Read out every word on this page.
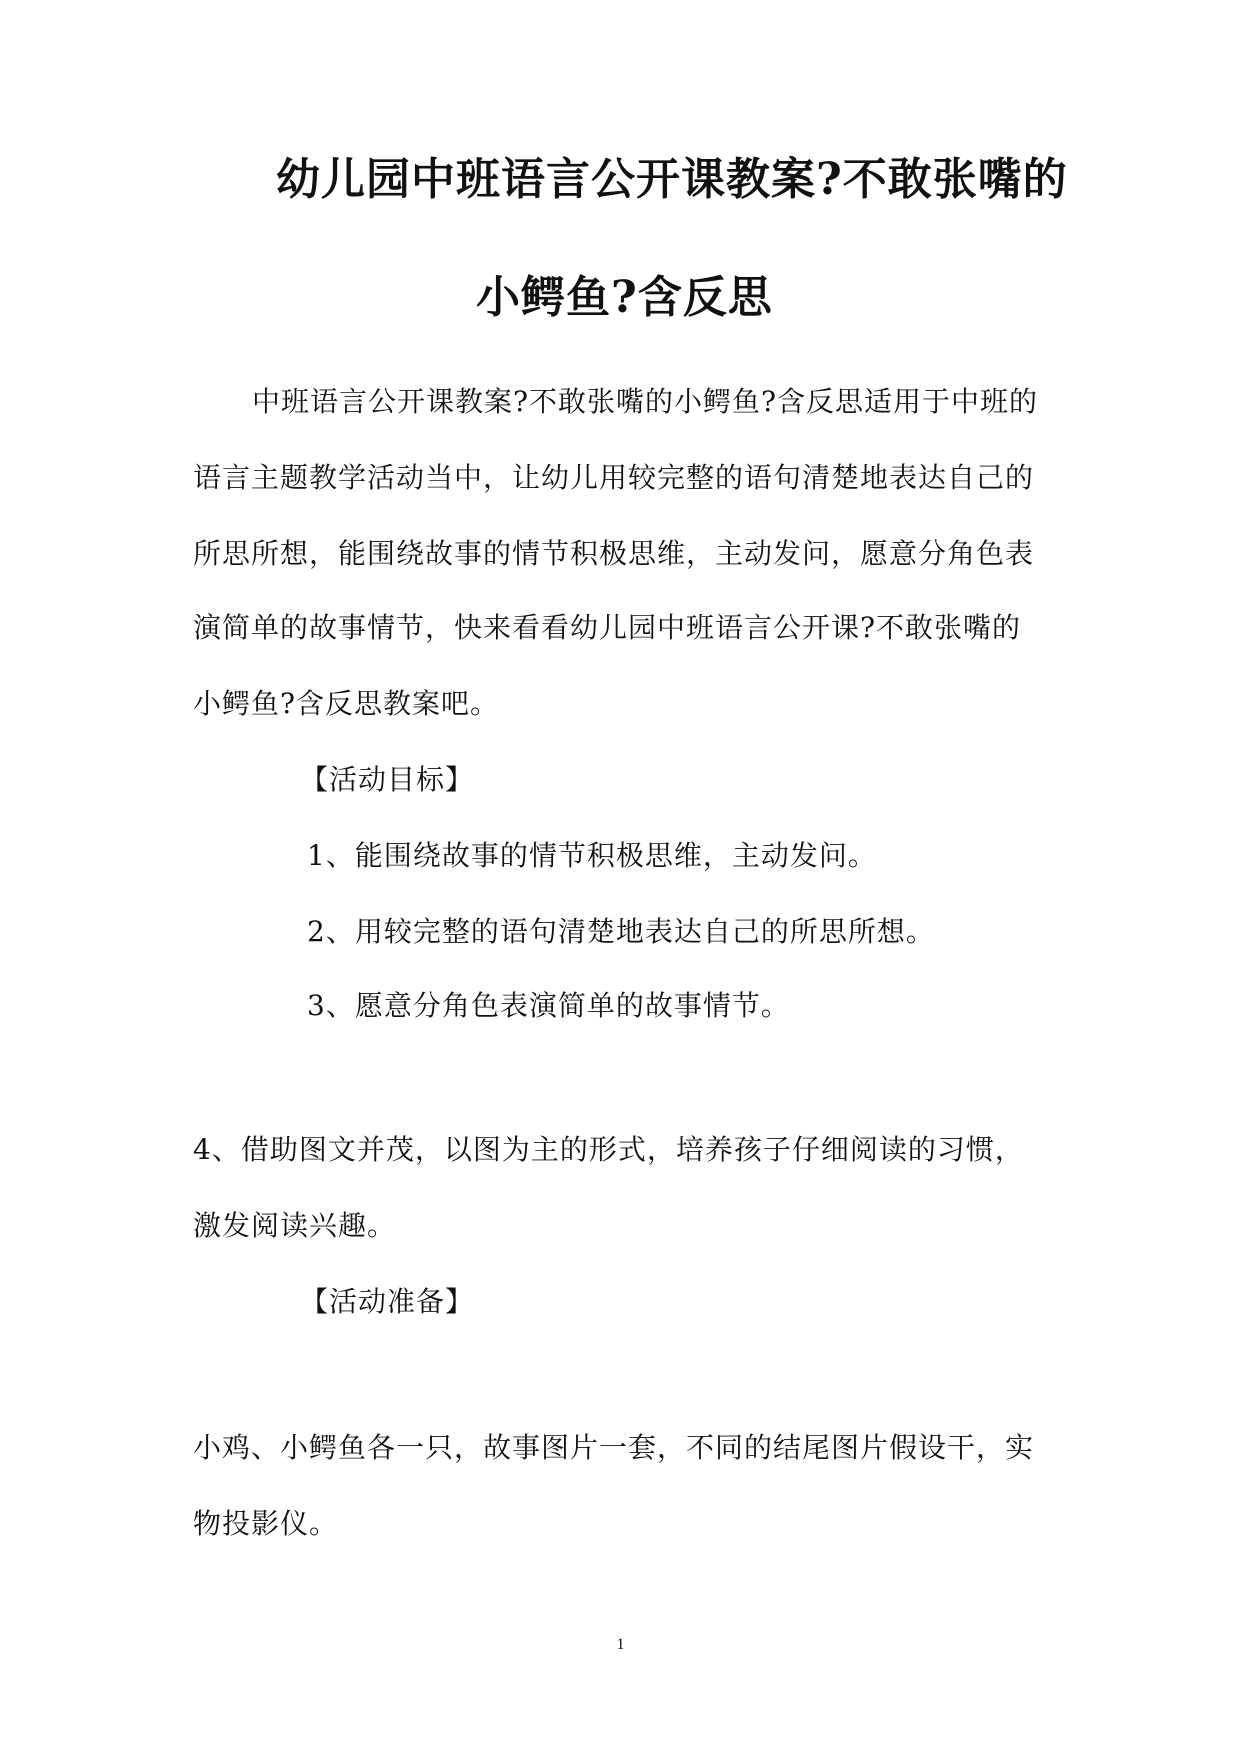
幼儿园中班语言公开课教案?不敢张嘴的
小鳄鱼?含反思
中班语言公开课教案?不敢张嘴的小鳄鱼?含反思适用于中班的
语言主题教学活动当中，让幼儿用较完整的语句清楚地表达自己的
所思所想，能围绕故事的情节积极思维，主动发问，愿意分角色表
演简单的故事情节，快来看看幼儿园中班语言公开课?不敢张嘴的
小鳄鱼?含反思教案吧。
【活动目标】
1、能围绕故事的情节积极思维，主动发问。
2、用较完整的语句清楚地表达自己的所思所想。
3、愿意分角色表演简单的故事情节。
4、借助图文并茂，以图为主的形式，培养孩子仔细阅读的习惯，
激发阅读兴趣。
【活动准备】
小鸡、小鳄鱼各一只，故事图片一套，不同的结尾图片假设干，实
物投影仪。
1
